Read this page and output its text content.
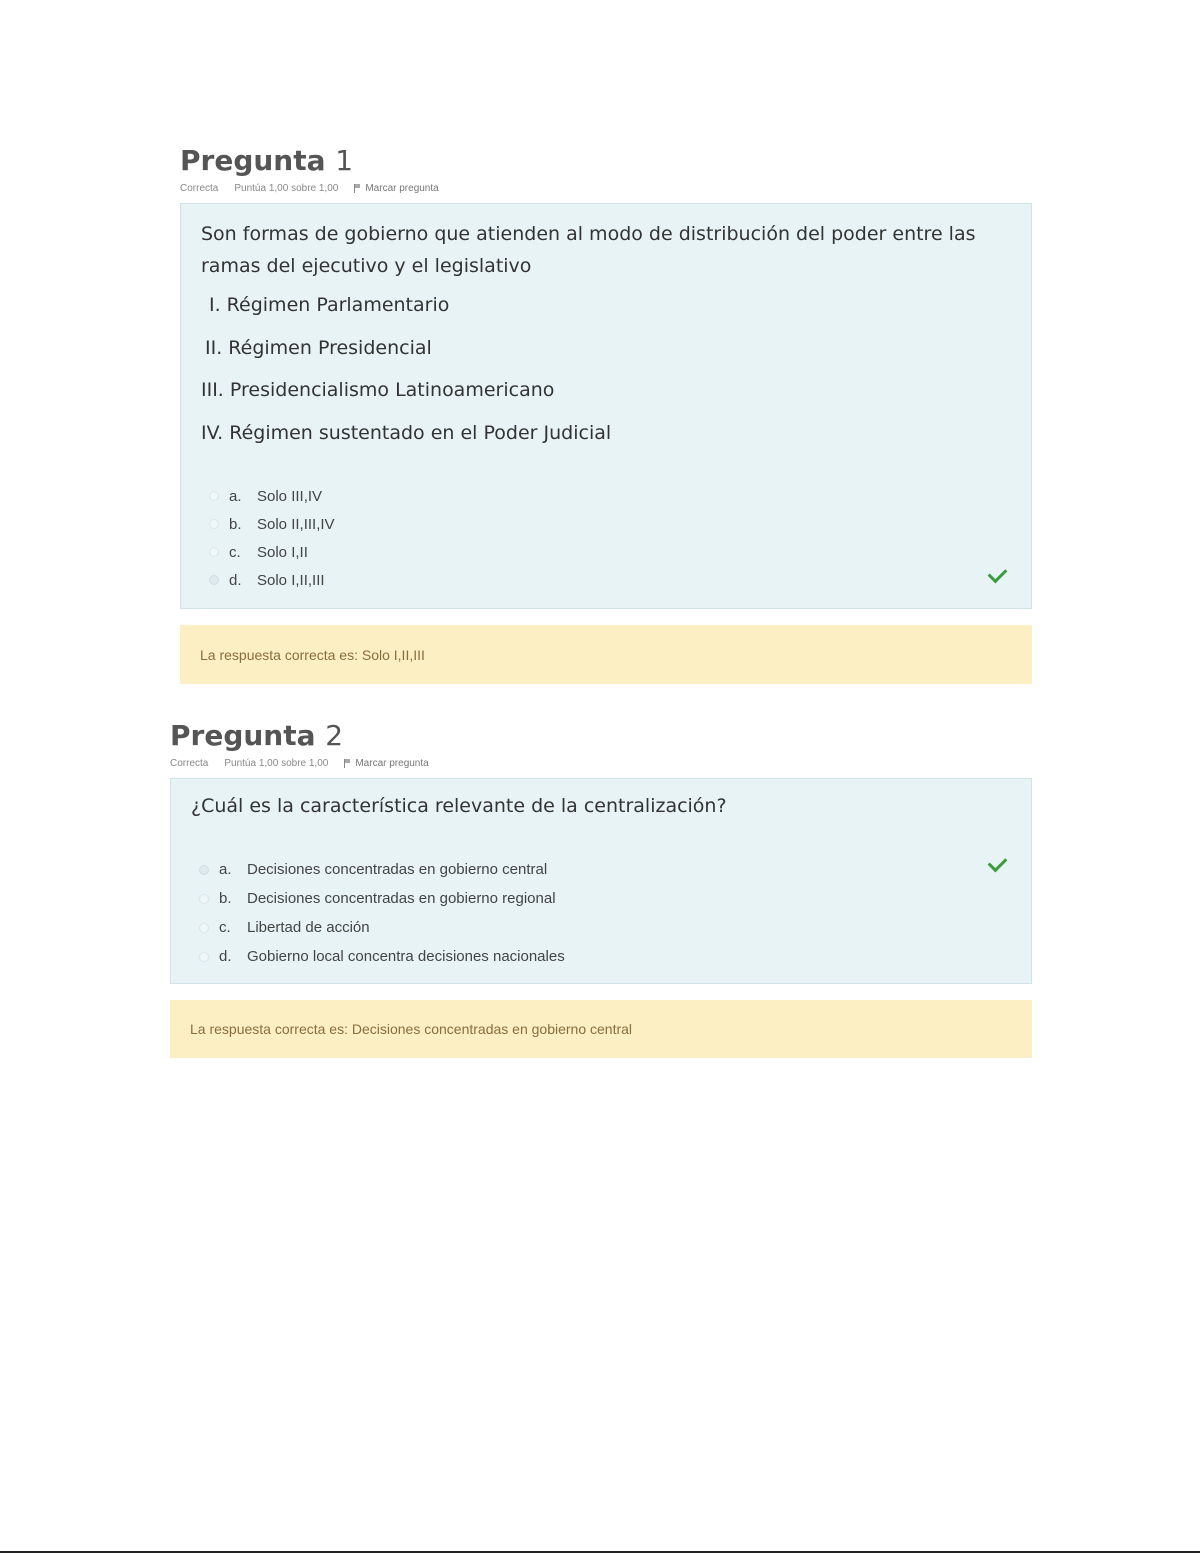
Pregunta 1
Correcta Puntúa 1,00 sobre 1,00	Marcar pregunta
Son formas de gobierno que atienden al modo de distribución del poder entre las ramas del ejecutivo y el legislativo
I. Régimen Parlamentario
II. Régimen Presidencial
III. Presidencialismo Latinoamericano
IV. Régimen sustentado en el Poder Judicial
a.	Solo III,IV
b.	Solo II,III,IV
c.	Solo I,II
d.	Solo I,II,III
La respuesta correcta es: Solo I,II,III
Pregunta 2
Correcta Puntúa 1,00 sobre 1,00	Marcar pregunta
¿Cuál es la característica relevante de la centralización?
a.	Decisiones concentradas en gobierno central
b.	Decisiones concentradas en gobierno regional
c.	Libertad de acción
d.	Gobierno local concentra decisiones nacionales
La respuesta correcta es: Decisiones concentradas en gobierno central
